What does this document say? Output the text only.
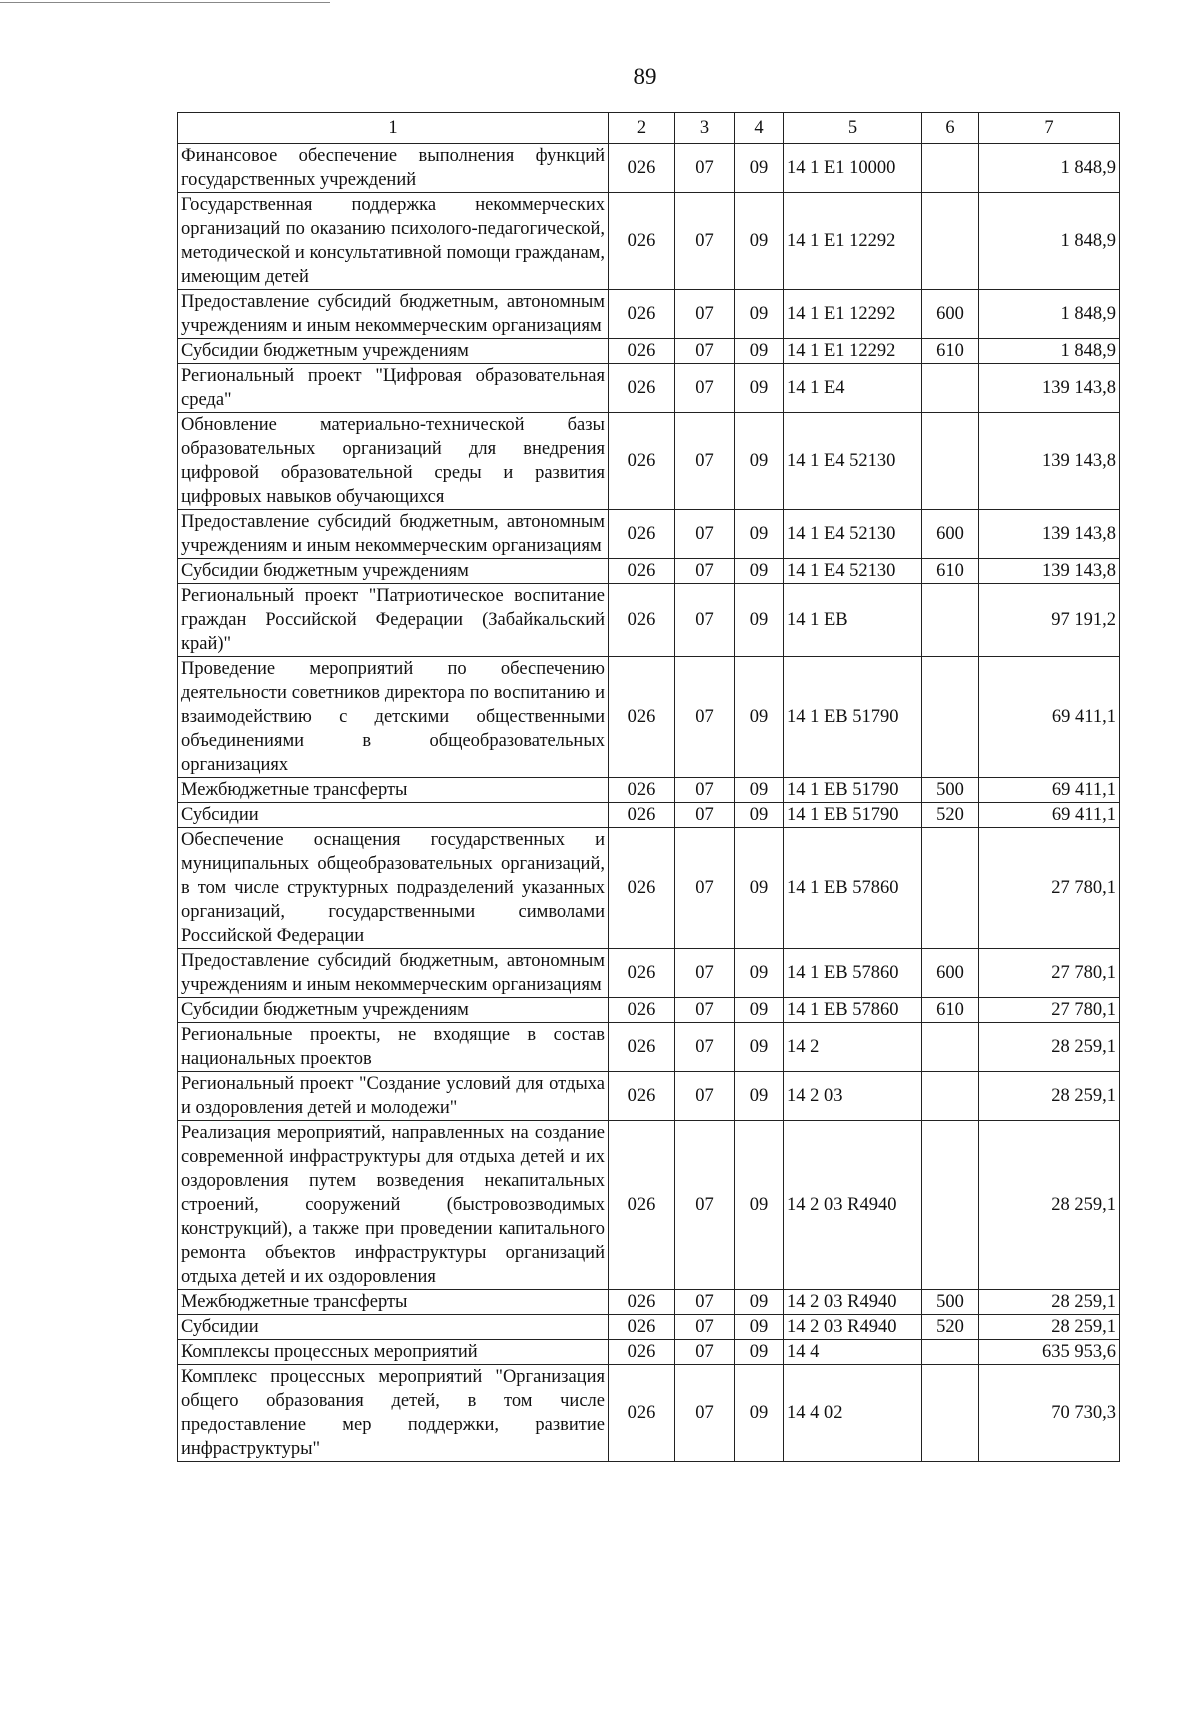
89
1	2	3	4	5	6	7
Финансовое обеспечение выполнения функций государственных учреждений	026	07	09	14 1 Е1 10000		1 848,9
Государственная поддержка некоммерческих организаций по оказанию психолого-педагогической, методической и консультативной помощи гражданам, имеющим детей	026	07	09	14 1 Е1 12292		1 848,9
Предоставление субсидий бюджетным, автономным учреждениям и иным некоммерческим организациям	026	07	09	14 1 Е1 12292	600	1 848,9
Субсидии бюджетным учреждениям	026	07	09	14 1 Е1 12292	610	1 848,9
Региональный проект "Цифровая образовательная среда"	026	07	09	14 1 Е4		139 143,8
Обновление материально-технической базы образовательных организаций для внедрения цифровой образовательной среды и развития цифровых навыков обучающихся	026	07	09	14 1 Е4 52130		139 143,8
Предоставление субсидий бюджетным, автономным учреждениям и иным некоммерческим организациям	026	07	09	14 1 Е4 52130	600	139 143,8
Субсидии бюджетным учреждениям	026	07	09	14 1 Е4 52130	610	139 143,8
Региональный проект "Патриотическое воспитание граждан Российской Федерации (Забайкальский край)"	026	07	09	14 1 ЕВ		97 191,2
Проведение мероприятий по обеспечению деятельности советников директора по воспитанию и взаимодействию с детскими общественными объединениями в общеобразовательных организациях	026	07	09	14 1 ЕВ 51790		69 411,1
Межбюджетные трансферты	026	07	09	14 1 ЕВ 51790	500	69 411,1
Субсидии	026	07	09	14 1 ЕВ 51790	520	69 411,1
Обеспечение оснащения государственных и муниципальных общеобразовательных организаций, в том числе структурных подразделений указанных организаций, государственными символами Российской Федерации	026	07	09	14 1 ЕВ 57860		27 780,1
Предоставление субсидий бюджетным, автономным учреждениям и иным некоммерческим организациям	026	07	09	14 1 ЕВ 57860	600	27 780,1
Субсидии бюджетным учреждениям	026	07	09	14 1 ЕВ 57860	610	27 780,1
Региональные проекты, не входящие в состав национальных проектов	026	07	09	14 2		28 259,1
Региональный проект "Создание условий для отдыха и оздоровления детей и молодежи"	026	07	09	14 2 03		28 259,1
Реализация мероприятий, направленных на создание современной инфраструктуры для отдыха детей и их оздоровления путем возведения некапитальных строений, сооружений (быстровозводимых конструкций), а также при проведении капитального ремонта объектов инфраструктуры организаций отдыха детей и их оздоровления	026	07	09	14 2 03 R4940		28 259,1
Межбюджетные трансферты	026	07	09	14 2 03 R4940	500	28 259,1
Субсидии	026	07	09	14 2 03 R4940	520	28 259,1
Комплексы процессных мероприятий	026	07	09	14 4		635 953,6
Комплекс процессных мероприятий "Организация общего образования детей, в том числе предоставление мер поддержки, развитие инфраструктуры"	026	07	09	14 4 02		70 730,3
